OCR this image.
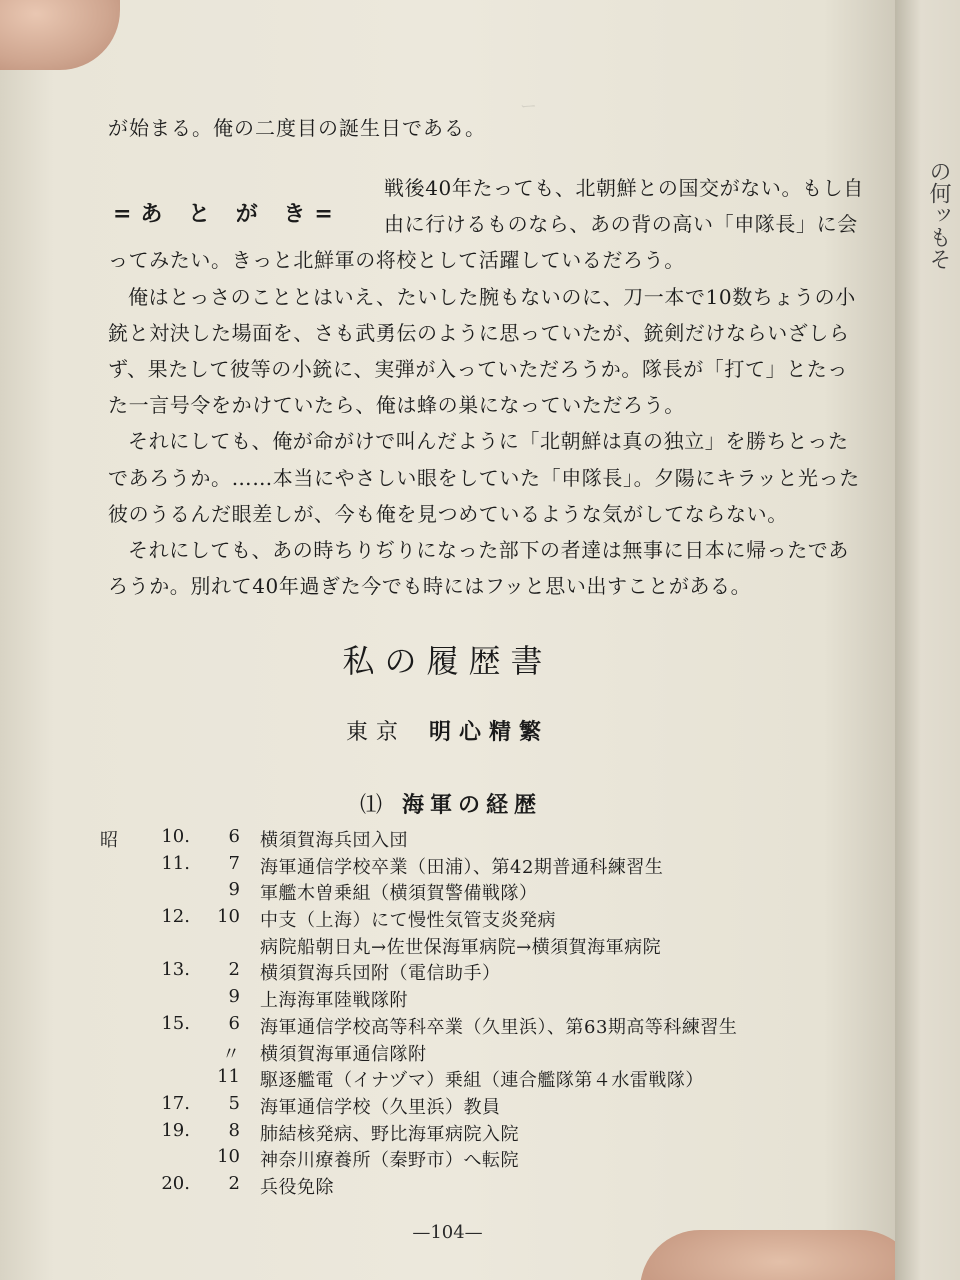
ー
が始まる。俺の二度目の誕生日である。
=あ と が き=

戦後40年たっても、北朝鮮との国交がない。もし自

由に行けるものなら、あの背の高い「申隊長」に会

ってみたい。きっと北鮮軍の将校として活躍しているだろう。

俺はとっさのこととはいえ、たいした腕もないのに、刀一本で10数ちょうの小銃と対決した場面を、さも武勇伝のように思っていたが、銃剣だけならいざしらず、果たして彼等の小銃に、実弾が入っていただろうか。隊長が「打て」とたった一言号令をかけていたら、俺は蜂の巣になっていただろう。

それにしても、俺が命がけで叫んだように「北朝鮮は真の独立」を勝ちとったであろうか。……本当にやさしい眼をしていた「申隊長」。夕陽にキラッと光った彼のうるんだ眼差しが、今も俺を見つめているような気がしてならない。

それにしても、あの時ちりぢりになった部下の者達は無事に日本に帰ったであろうか。別れて40年過ぎた今でも時にはフッと思い出すことがある。

私の履歴書
東京 明心精繁
⑴ 海軍の経歴
昭	10.	6 横須賀海兵団入団
11.	7 海軍通信学校卒業（田浦）、第42期普通科練習生
9 軍艦木曽乗組（横須賀警備戦隊）
12.	10 中支（上海）にて慢性気管支炎発病
病院船朝日丸→佐世保海軍病院→横須賀海軍病院
13.	2 横須賀海兵団附（電信助手）
9 上海海軍陸戦隊附
15.	6 海軍通信学校高等科卒業（久里浜）、第63期高等科練習生
〃 横須賀海軍通信隊附
11 駆逐艦電（イナヅマ）乗組（連合艦隊第４水雷戦隊）
17.	5 海軍通信学校（久里浜）教員
19.	8 肺結核発病、野比海軍病院入院
10 神奈川療養所（秦野市）へ転院
20.	2 兵役免除
—104—
の何ッもそ
